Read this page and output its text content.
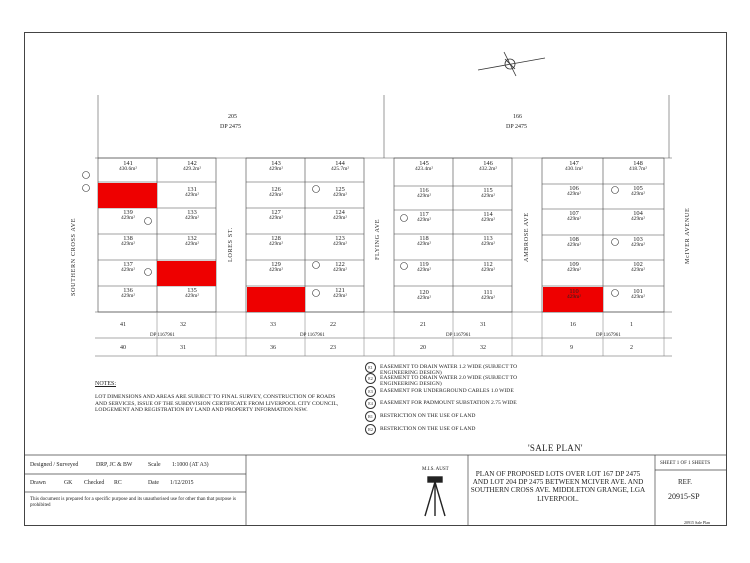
205
DP 2475
166
DP 2475
SOUTHERN CROSS AVE	LORES ST.	FLYING AVE	AMBROSE AVE	McIVER AVENUE
141
430.6m²
142
429.2m²
143
429m²
144
425.7m²
139
429m²
131
429m²
126
429m²
125
429m²
138
429m²
133
429m²
127
429m²
124
429m²
137
429m²
132
429m²
128
429m²
123
429m²
136
429m²
135
429m²
129
429m²
122
429m²
121
429m²
145
423.4m²
146
432.2m²
116
429m²
115
429m²
117
429m²
114
429m²
118
429m²
113
429m²
119
429m²
112
429m²
120
429m²
111
429m²
147
430.1m²
148
418.7m²
106
429m²
105
429m²
107
429m²
104
429m²
108
429m²
103
429m²
109
429m²
102
429m²
110
429m²
101
429m²
41	32	33	22	21	31	16	1
40	31	36	23	20	32	9	2
DP 1167961	DP 1167961	DP 1167961	DP 1167961
NOTES:
LOT DIMENSIONS AND AREAS ARE SUBJECT TO FINAL SURVEY, CONSTRUCTION OF ROADS AND SERVICES, ISSUE OF THE SUBDIVISION CERTIFICATE FROM LIVERPOOL CITY COUNCIL, LODGEMENT AND REGISTRATION BY LAND AND PROPERTY INFORMATION NSW.
E1	EASEMENT TO DRAIN WATER 1.2 WIDE (SUBJECT TO ENGINEERING DESIGN)
E2	EASEMENT TO DRAIN WATER 2.0 WIDE (SUBJECT TO ENGINEERING DESIGN)
E3	EASEMENT FOR UNDERGROUND CABLES 1.0 WIDE
E4	EASEMENT FOR PADMOUNT SUBSTATION 2.75 WIDE
R1	RESTRICTION ON THE USE OF LAND
R2	RESTRICTION ON THE USE OF LAND
'SALE PLAN'
Designed / Surveyed	DRP, JC & BW	Scale 1:1000 (AT A3)
Drawn	GK Checked RC	Date 1/12/2015
This document is prepared for a specific purpose and its unauthorised use for other than that purpose is prohibited
M.I.S. AUST
PLAN OF PROPOSED LOTS OVER LOT 167 DP 2475 AND LOT 204 DP 2475 BETWEEN MCIVER AVE. AND SOUTHERN CROSS AVE. MIDDLETON GRANGE, LGA LIVERPOOL.
SHEET 1 OF 1 SHEETS
REF.
20915-SP
20915 Sale Plan
